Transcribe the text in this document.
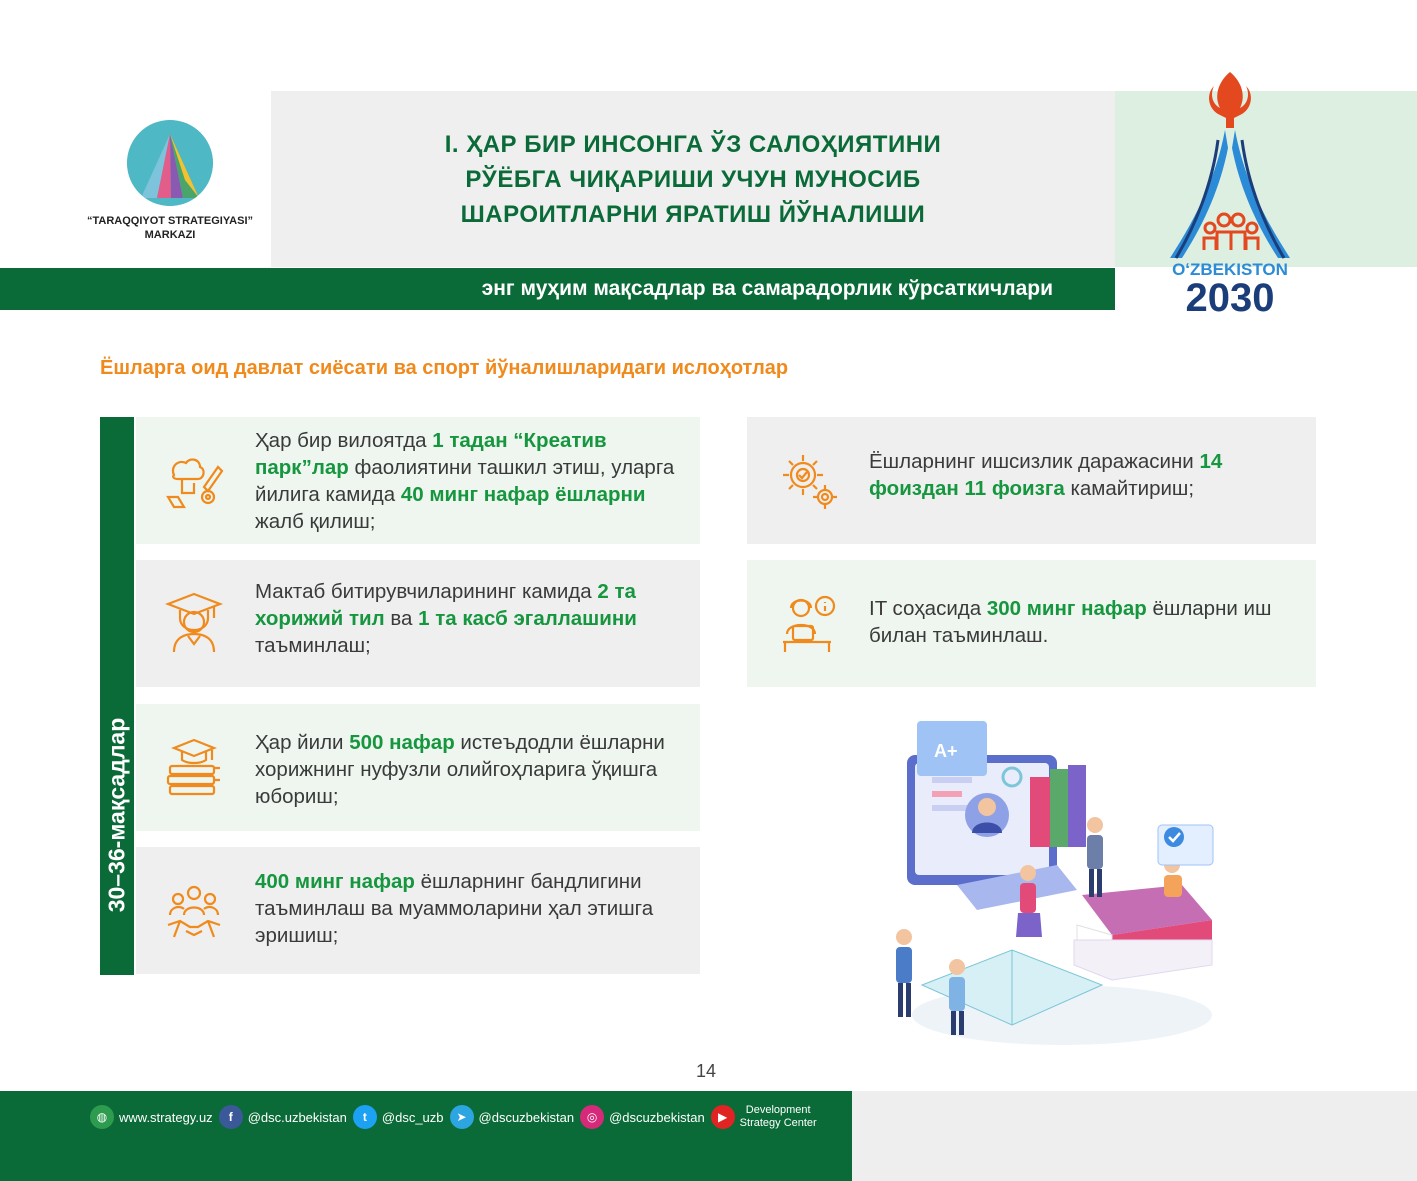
“TARAQQIYOT STRATEGIYASI”
MARKAZI
I. ҲАР БИР ИНСОНГА ЎЗ САЛОҲИЯТИНИ
РЎЁБГА ЧИҚАРИШИ УЧУН МУНОСИБ
ШАРОИТЛАРНИ ЯРАТИШ ЙЎНАЛИШИ
OʻZBEKISTON
2030
энг муҳим мақсадлар ва самарадорлик кўрсаткичлари
Ёшларга оид давлат сиёсати ва спорт йўналишларидаги ислоҳотлар
30–36-мақсадлар
Ҳар бир вилоятда 1 тадан “Креатив парк”лар фаолиятини ташкил этиш, уларга йилига камида 40 минг нафар ёшларни жалб қилиш;
Мактаб битирувчиларининг камида 2 та хорижий тил ва 1 та касб эгаллашини таъминлаш;
Ҳар йили 500 нафар истеъдодли ёшларни хорижнинг нуфузли олийгоҳларига ўқишга юбориш;
400 минг нафар ёшларнинг бандлигини таъминлаш ва муаммоларини ҳал этишга эришиш;
Ёшларнинг ишсизлик даражасини 14 фоиздан 11 фоизга камайтириш;
IT соҳасида 300 минг нафар ёшларни иш билан таъминлаш.
A+
14
◍ www.strategy.uz	f	@dsc.uzbekistan	t	@dsc_uzb	➤ @dscuzbekistan	◎ @dscuzbekistan	▶	Development
Strategy Center
